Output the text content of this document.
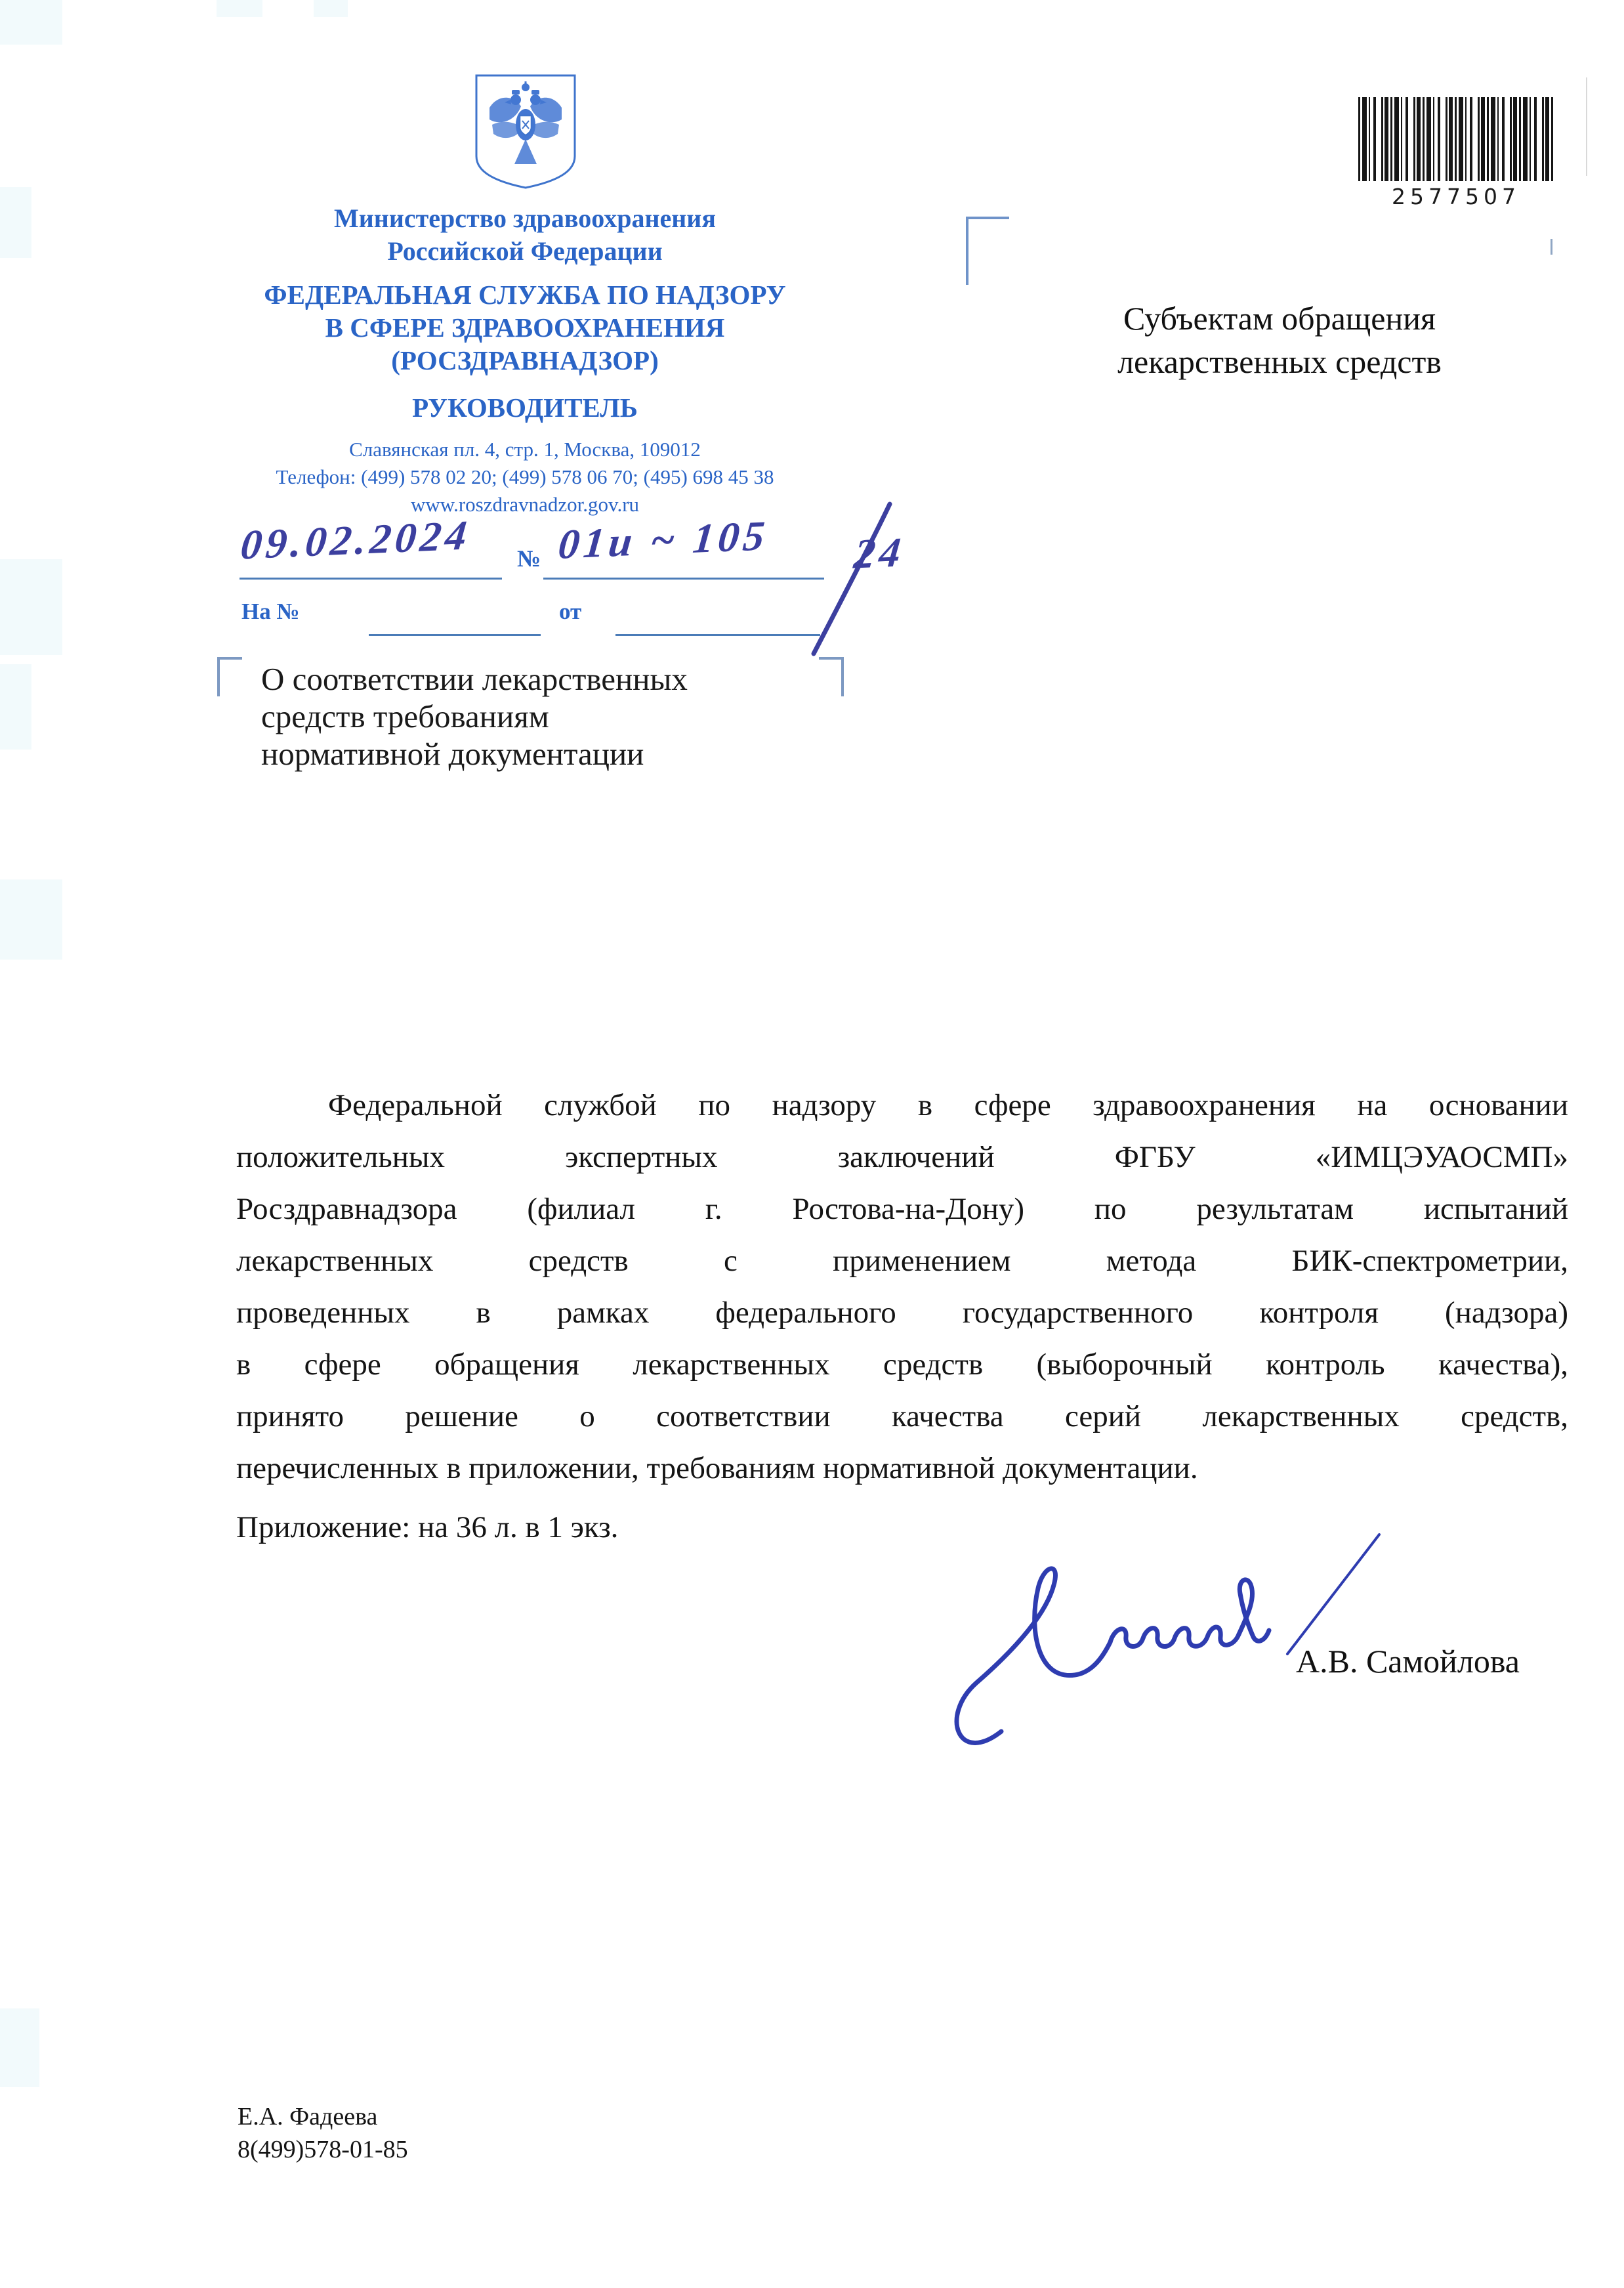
Министерство здравоохранения
Российской Федерации
ФЕДЕРАЛЬНАЯ СЛУЖБА ПО НАДЗОРУ
В СФЕРЕ ЗДРАВООХРАНЕНИЯ
(РОСЗДРАВНАДЗОР)
РУКОВОДИТЕЛЬ
Славянская пл. 4, стр. 1, Москва, 109012
Телефон: (499) 578 02 20; (499) 578 06 70; (495) 698 45 38
www.roszdravnadzor.gov.ru
2577507
Субъектам обращения
лекарственных средств
09.02.2024 № 01и ~ 105 24
На №	от
О соответствии лекарственных
средств требованиям
нормативной документации
Федеральной службой по надзору в сфере здравоохранения на основании
положительных экспертных заключений ФГБУ «ИМЦЭУАОСМП»
Росздравнадзора (филиал г. Ростова-на-Дону) по результатам испытаний
лекарственных средств с применением метода БИК-спектрометрии,
проведенных в рамках федерального государственного контроля (надзора)
в сфере обращения лекарственных средств (выборочный контроль качества),
принято решение о соответствии качества серий лекарственных средств,
перечисленных в приложении, требованиям нормативной документации.
Приложение: на 36 л. в 1 экз.
А.В. Самойлова
Е.А. Фадеева
8(499)578-01-85
